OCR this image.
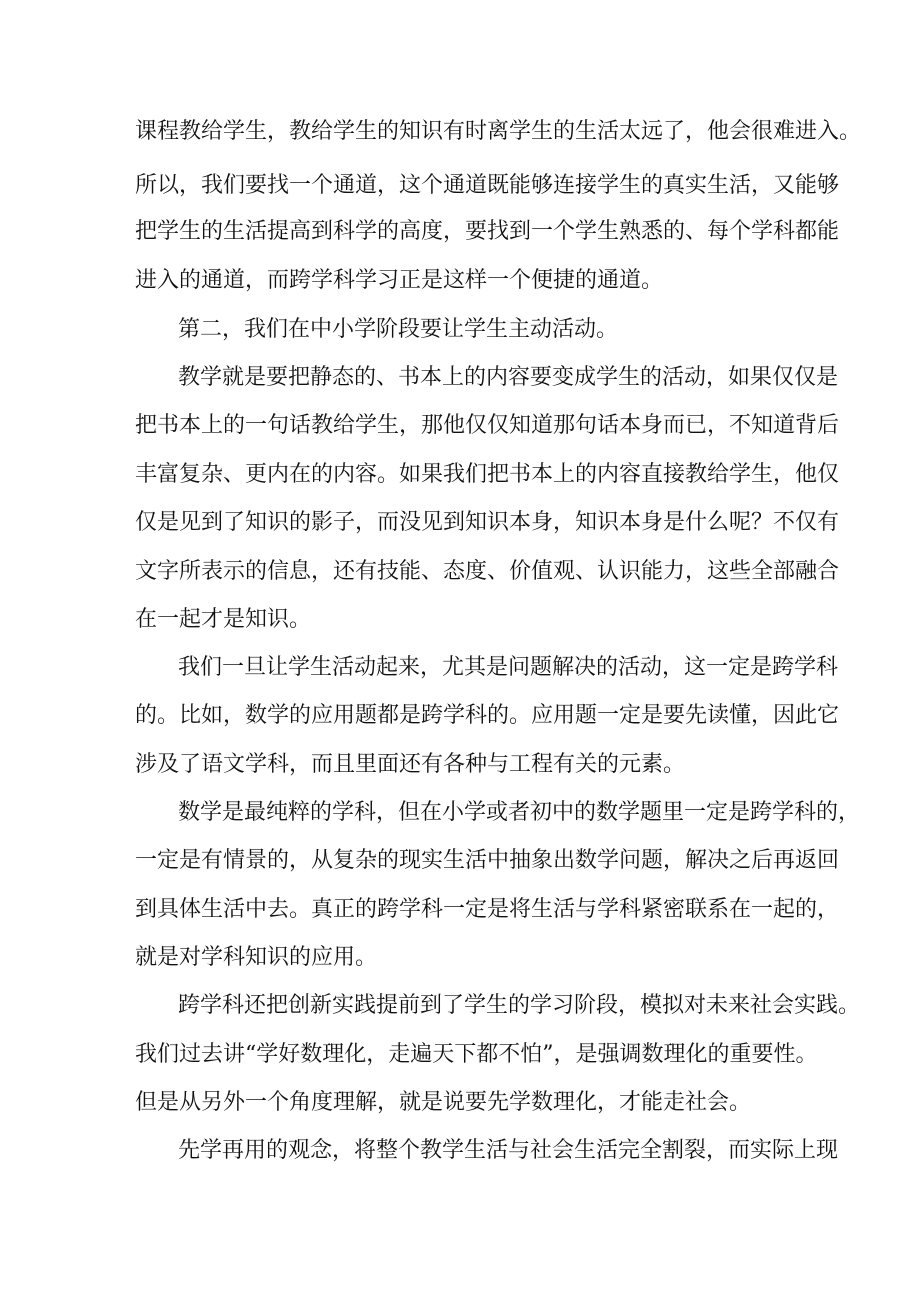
课程教给学生，教给学生的知识有时离学生的生活太远了，他会很难进入。
所以，我们要找一个通道，这个通道既能够连接学生的真实生活，又能够
把学生的生活提高到科学的高度，要找到一个学生熟悉的、每个学科都能
进入的通道，而跨学科学习正是这样一个便捷的通道。
第二，我们在中小学阶段要让学生主动活动。
教学就是要把静态的、书本上的内容要变成学生的活动，如果仅仅是
把书本上的一句话教给学生，那他仅仅知道那句话本身而已，不知道背后
丰富复杂、更内在的内容。如果我们把书本上的内容直接教给学生，他仅
仅是见到了知识的影子，而没见到知识本身，知识本身是什么呢？不仅有
文字所表示的信息，还有技能、态度、价值观、认识能力，这些全部融合
在一起才是知识。
我们一旦让学生活动起来，尤其是问题解决的活动，这一定是跨学科
的。比如，数学的应用题都是跨学科的。应用题一定是要先读懂，因此它
涉及了语文学科，而且里面还有各种与工程有关的元素。
数学是最纯粹的学科，但在小学或者初中的数学题里一定是跨学科的，
一定是有情景的，从复杂的现实生活中抽象出数学问题，解决之后再返回
到具体生活中去。真正的跨学科一定是将生活与学科紧密联系在一起的，
就是对学科知识的应用。
跨学科还把创新实践提前到了学生的学习阶段，模拟对未来社会实践。
我们过去讲“学好数理化，走遍天下都不怕”，是强调数理化的重要性。
但是从另外一个角度理解，就是说要先学数理化，才能走社会。
先学再用的观念，将整个教学生活与社会生活完全割裂，而实际上现
